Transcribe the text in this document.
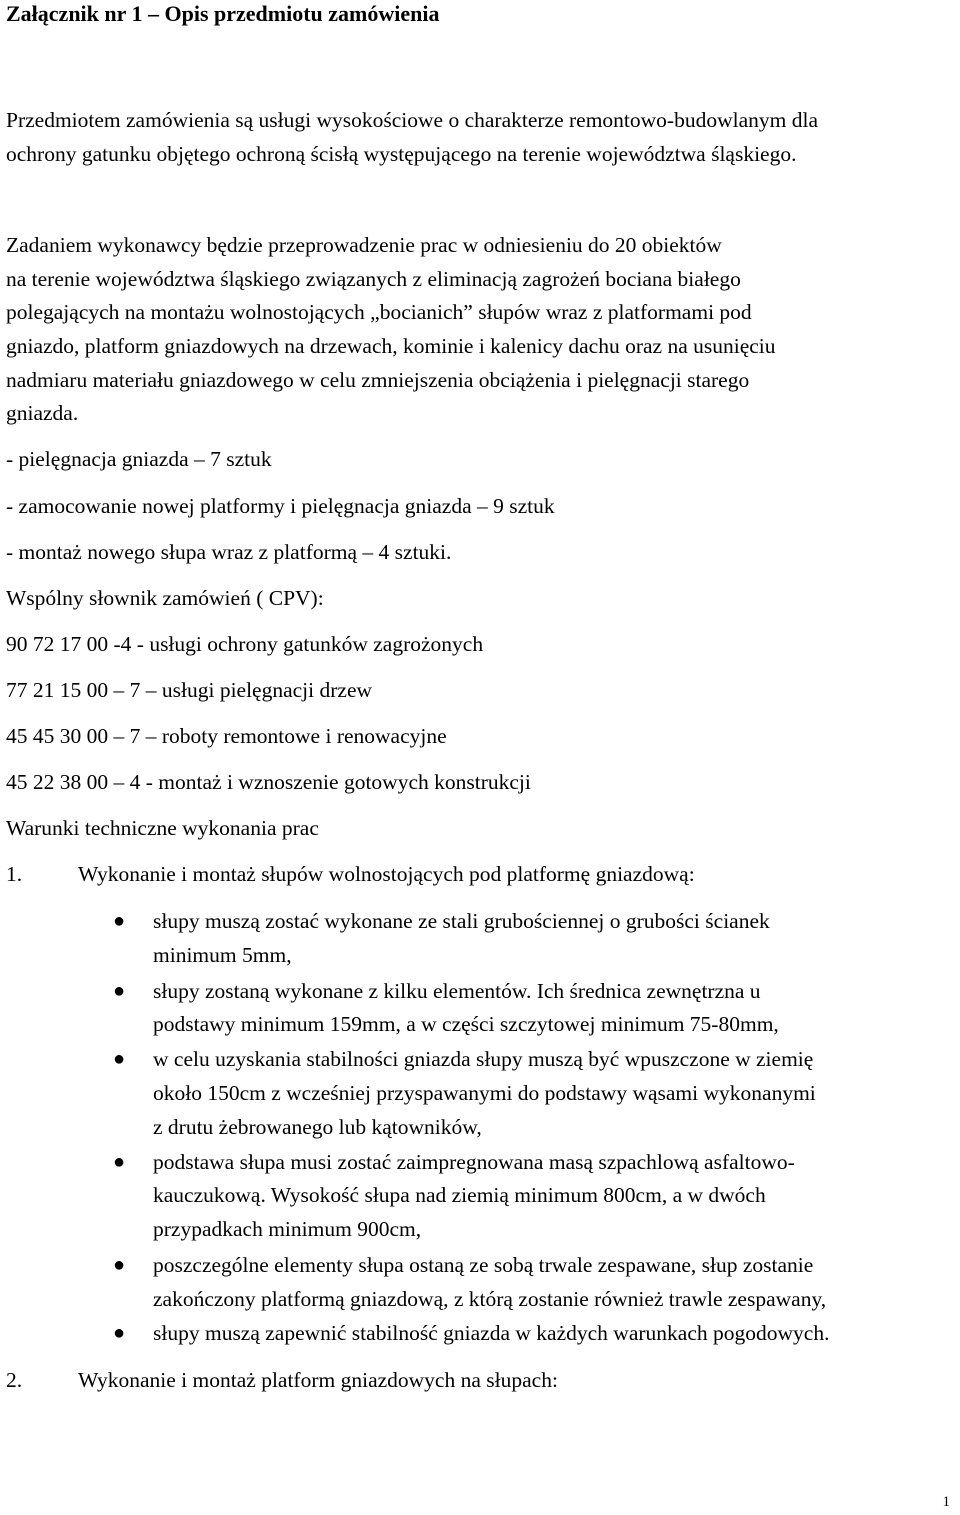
Załącznik nr 1 – Opis przedmiotu zamówienia
Przedmiotem zamówienia są usługi wysokościowe o charakterze remontowo-budowlanym dla
ochrony gatunku objętego ochroną ścisłą występującego na terenie województwa śląskiego.
Zadaniem wykonawcy będzie przeprowadzenie prac w odniesieniu do 20 obiektów
na terenie województwa śląskiego związanych z eliminacją zagrożeń bociana białego
polegających na montażu wolnostojących „bocianich” słupów wraz z platformami pod
gniazdo, platform gniazdowych na drzewach, kominie i kalenicy dachu oraz na usunięciu
nadmiaru materiału gniazdowego w celu zmniejszenia obciążenia i pielęgnacji starego
gniazda.
- pielęgnacja gniazda – 7 sztuk
- zamocowanie nowej platformy i pielęgnacja gniazda – 9 sztuk
- montaż nowego słupa wraz z platformą – 4 sztuki.
Wspólny słownik zamówień ( CPV):
90 72 17 00 -4 - usługi ochrony gatunków zagrożonych
77 21 15 00 – 7 – usługi pielęgnacji drzew
45 45 30 00 – 7 – roboty remontowe i renowacyjne
45 22 38 00 – 4 - montaż i wznoszenie gotowych konstrukcji
Warunki techniczne wykonania prac
1.	Wykonanie i montaż słupów wolnostojących pod platformę gniazdową:
● słupy muszą zostać wykonane ze stali grubościennej o grubości ścianek
minimum 5mm,
● słupy zostaną wykonane z kilku elementów. Ich średnica zewnętrzna u
podstawy minimum 159mm, a w części szczytowej minimum 75-80mm,
● w celu uzyskania stabilności gniazda słupy muszą być wpuszczone w ziemię
około 150cm z wcześniej przyspawanymi do podstawy wąsami wykonanymi
z drutu żebrowanego lub kątowników,
● podstawa słupa musi zostać zaimpregnowana masą szpachlową asfaltowo-
kauczukową. Wysokość słupa nad ziemią minimum 800cm, a w dwóch
przypadkach minimum 900cm,
● poszczególne elementy słupa ostaną ze sobą trwale zespawane, słup zostanie
zakończony platformą gniazdową, z którą zostanie również trawle zespawany,
● słupy muszą zapewnić stabilność gniazda w każdych warunkach pogodowych.
2.	Wykonanie i montaż platform gniazdowych na słupach:
1
